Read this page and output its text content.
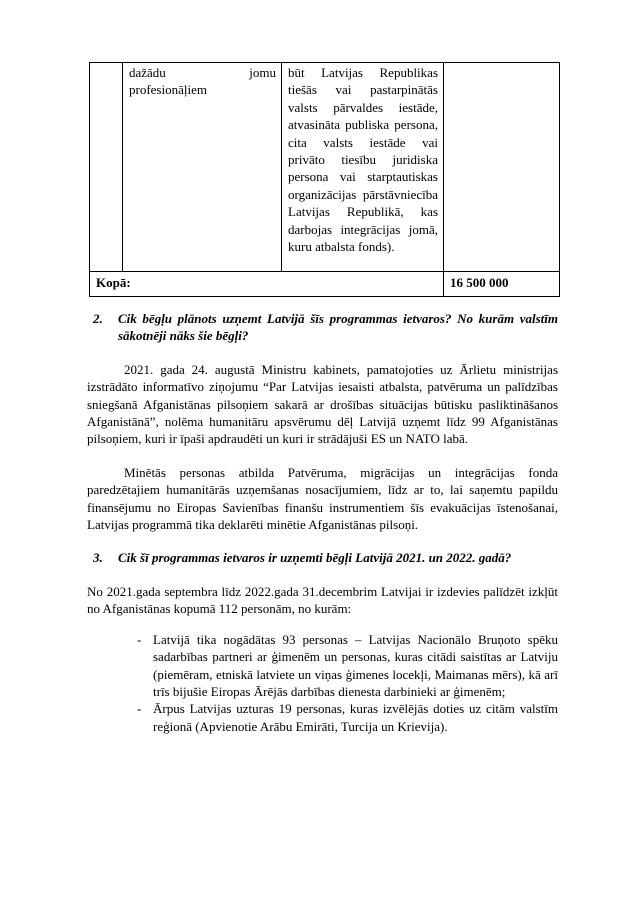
	dažādu jomu profesionāļiem	būt Latvijas Republikas tiešās vai pastarpinātās valsts pārvaldes iestāde, atvasināta publiska persona, cita valsts iestāde vai privāto tiesību juridiska persona vai starptautiskas organizācijas pārstāvniecība Latvijas Republikā, kas darbojas integrācijas jomā, kuru atbalsta fonds).	
Kopā:			16 500 000
2.	Cik bēgļu plānots uzņemt Latvijā šīs programmas ietvaros? No kurām valstīm sākotnēji nāks šie bēgļi?

2021. gada 24. augustā Ministru kabinets, pamatojoties uz Ārlietu ministrijas izstrādāto informatīvo ziņojumu “Par Latvijas iesaisti atbalsta, patvēruma un palīdzības sniegšanā Afganistānas pilsoņiem sakarā ar drošības situācijas būtisku pasliktināšanos Afganistānā”, nolēma humanitāru apsvērumu dēļ Latvijā uzņemt līdz 99 Afganistānas pilsoņiem, kuri ir īpaši apdraudēti un kuri ir strādājuši ES un NATO labā.

Minētās personas atbilda Patvēruma, migrācijas un integrācijas fonda paredzētajiem humanitārās uzņemšanas nosacījumiem, līdz ar to, lai saņemtu papildu finansējumu no Eiropas Savienības finanšu instrumentiem šīs evakuācijas īstenošanai, Latvijas programmā tika deklarēti minētie Afganistānas pilsoņi.

3.	Cik šī programmas ietvaros ir uzņemti bēgļi Latvijā 2021. un 2022. gadā?

No 2021.gada septembra līdz 2022.gada 31.decembrim Latvijai ir izdevies palīdzēt izkļūt no Afganistānas kopumā 112 personām, no kurām:

- Latvijā tika nogādātas 93 personas – Latvijas Nacionālo Bruņoto spēku sadarbības partneri ar ģimenēm un personas, kuras citādi saistītas ar Latviju (piemēram, etniskā latviete un viņas ģimenes locekļi, Maimanas mērs), kā arī trīs bijušie Eiropas Ārējās darbības dienesta darbinieki ar ģimenēm;
- Ārpus Latvijas uzturas 19 personas, kuras izvēlējās doties uz citām valstīm reģionā (Apvienotie Arābu Emirāti, Turcija un Krievija).
